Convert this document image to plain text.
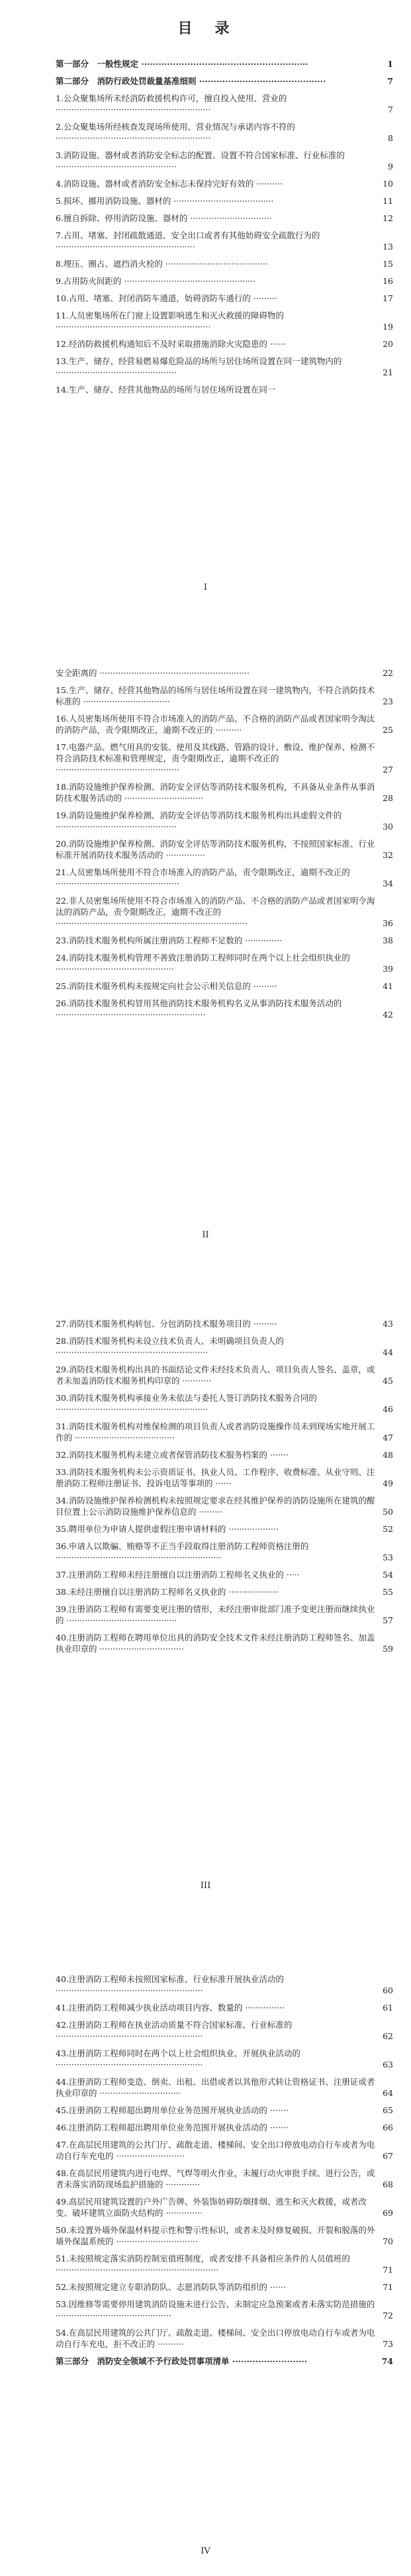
目　录
第一部分　一般性规定 ··························································	1
第二部分　消防行政处罚裁量基准细则 ············································	7
1.公众聚集场所未经消防救援机构许可，擅自投入使用、营业的 ···························································	7
2.公众聚集场所经核查发现场所使用、营业情况与承诺内容不符的 ···························································	8
3.消防设施、器材或者消防安全标志的配置、设置不符合国家标准、行业标准的 ··············································	9
4.消防设施、器材或者消防安全标志未保持完好有效的 ··········	10
5.损坏、挪用消防设施、器材的 ······································	11
6.擅自拆除、停用消防设施、器材的 ·······························	12
7.占用、堵塞、封闭疏散通道、安全出口或者有其他妨碍安全疏散行为的 ·····················································	13
8.埋压、圈占、遮挡消火栓的 ·······································	15
9.占用防火间距的 ··················································	16
10.占用、堵塞、封闭消防车通道，妨碍消防车通行的 ·········	17
11.人员密集场所在门窗上设置影响逃生和灭火救援的障碍物的 ···························································	19
12.经消防救援机构通知后不及时采取措施消除火灾隐患的 ······	20
13.生产、储存、经营易燃易爆危险品的场所与居住场所设置在同一建筑物内的 ··············································	21
14.生产、储存、经营其他物品的场所与居住场所设置在同一
I
安全距离的 ·························································	22
15.生产、储存、经营其他物品的场所与居住场所设置在同一建筑物内，不符合消防技术标准的 ·································	23
16.人员密集场所使用不符合市场准入的消防产品、不合格的消防产品或者国家明令淘汰的消防产品，责令限期改正，逾期不改正的 ··········	25
17.电器产品、燃气用具的安装、使用及其线路、管路的设计、敷设、维护保养、检测不符合消防技术标准和管理规定，责令限期改正，逾期不改正的 ···············································	27
18.消防设施维护保养检测、消防安全评估等消防技术服务机构，不具备从业条件从事消防技术服务活动的 ······························	28
19.消防设施维护保养检测、消防安全评估等消防技术服务机构出具虚假文件的 ··············································	30
20.消防设施维护保养检测、消防安全评估等消防技术服务机构，不按照国家标准、行业标准开展消防技术服务活动的 ···············	32
21.人员密集场所使用不符合市场准入的消防产品，责令限期改正，逾期不改正的 ···············································	34
22.非人员密集场所使用不符合市场准入的消防产品、不合格的消防产品或者国家明令淘汰的消防产品，责令限期改正，逾期不改正的 ·········································································	36
23.消防技术服务机构所属注册消防工程师不足数的 ··············	38
24.消防技术服务机构管理不善致注册消防工程师同时在两个以上社会组织执业的 ·············································	39
25.消防技术服务机构未按规定向社会公示相关信息的 ·········	41
26.消防技术服务机构冒用其他消防技术服务机构名义从事消防技术服务活动的 ·························································	42
II
27.消防技术服务机构转包、分包消防技术服务项目的 ·········	43
28.消防技术服务机构未设立技术负责人、未明确项目负责人的 ··························································	44
29.消防技术服务机构出具的书面结论文件未经技术负责人、项目负责人签名、盖章，或者未加盖消防技术服务机构印章的 ···········	45
30.消防技术服务机构承接业务未依法与委托人签订消防技术服务合同的 ··························································	46
31.消防技术服务机构对维保检测的项目负责人或者消防设施操作员未到现场实地开展工作的 ······································	47
32.消防技术服务机构未建立或者保管消防技术服务档案的 ·······	48
33.消防技术服务机构未公示资质证书、执业人员、工作程序、收费标准、从业守则、注册消防工程师注册证书、投诉电话等事项的 ······	49
34.消防设施维护保养检测机构未按照规定要求在经其维护保养的消防设施所在建筑的醒目位置上公示消防设施维护保养信息的 ·········	50
35.聘用单位为申请人提供虚假注册申请材料的 ···················	52
36.申请人以欺骗、贿赂等不正当手段取得注册消防工程师资格注册的 ·······························································	53
37.注册消防工程师未经注册擅自以注册消防工程师名义执业的 ·····	54
38.未经注册擅自以注册消防工程师名义执业的 ···················	55
39.注册消防工程师有需要变更注册的情形，未经注册审批部门准予变更注册而继续执业的 ··········································	57
40.注册消防工程师在聘用单位出具的消防安全技术文件未经注册消防工程师签名、加盖执业印章的 ································	59
III
40.注册消防工程师未按照国家标准、行业标准开展执业活动的 ························································	60
41.注册消防工程师减少执业活动项目内容、数量的 ···············	61
42.注册消防工程师在执业活动质量不符合国家标准、行业标准的 ························································	62
43.注册消防工程师同时在两个以上社会组织执业、开展执业活动的 ························································	63
44.注册消防工程师变造、倒卖、出租、出借或者以其他形式转让资格证书、注册证或者执业印章的 ·······························	64
45.注册消防工程师超出聘用单位业务范围开展执业活动的 ·······	65
46.注册消防工程师超出聘用单位业务范围开展执业活动的 ·······	66
47.在高层民用建筑的公共门厅、疏散走道、楼梯间、安全出口停放电动自行车或者为电动自行车充电的 ··························	67
48.在高层民用建筑内进行电焊、气焊等明火作业，未履行动火审批手续、进行公告，或者未落实消防现场监护措施的 ·············	68
49.高层民用建筑设置的户外广告牌、外装饰妨碍防烟排烟、逃生和灭火救援，或者改变、破坏建筑立面防火结构的 ··············	69
50.未设置外墙外保温材料提示性和警示性标识，或者未及时修复破损、开裂和脱落的外墙外保温系统的 ·······························	70
51.未按照规定落实消防控制室值班制度，或者安排不具备相应条件的人员值班的 ······························································	71
52.未按照规定建立专职消防队、志愿消防队等消防组织的 ······	71
53.因维修等需要停用建筑消防设施未进行公告、未制定应急预案或者未落实防范措施的 ············································	72
54.在高层民用建筑的公共门厅、疏散走道、楼梯间、安全出口停放电动自行车或者为电动自行车充电，拒不改正的 ··········	73
第三部分　消防安全领域不予行政处罚事项清单 ··························	74
IV
